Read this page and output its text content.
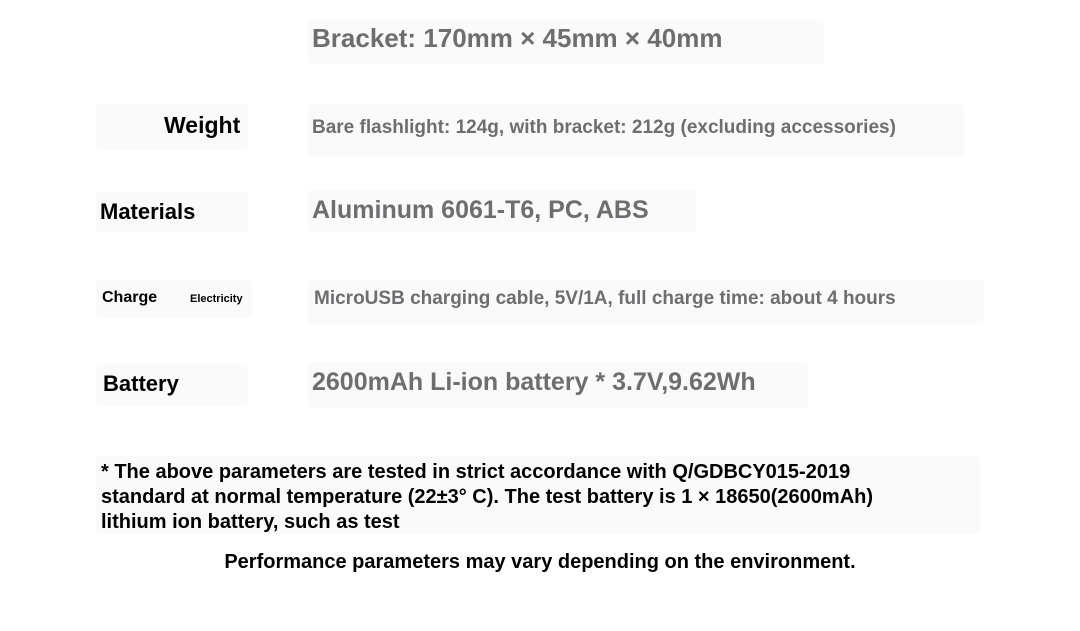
Bracket: 170mm × 45mm × 40mm
Weight	Bare flashlight: 124g, with bracket: 212g (excluding accessories)
Materials	Aluminum 6061-T6, PC, ABS
Charge	Electricity	MicroUSB charging cable, 5V/1A, full charge time: about 4 hours
Battery	2600mAh Li-ion battery * 3.7V,9.62Wh
* The above parameters are tested in strict accordance with Q/GDBCY015-2019
standard at normal temperature (22±3° C). The test battery is 1 × 18650(2600mAh)
lithium ion battery, such as test
Performance parameters may vary depending on the environment.
